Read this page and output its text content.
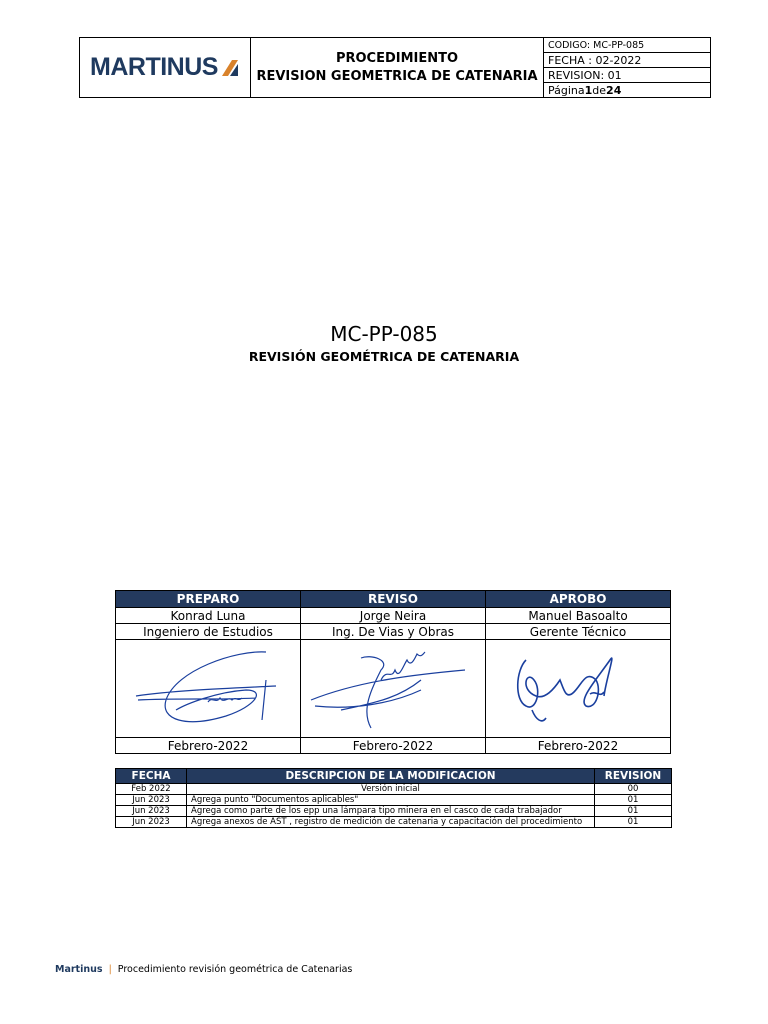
MARTINUS	PROCEDIMIENTO
REVISION GEOMETRICA DE CATENARIA
CODIGO: MC-PP-085
FECHA : 02-2022
REVISION: 01
Página 1 de 24
MC-PP-085
REVISIÓN GEOMÉTRICA DE CATENARIA
PREPARO	REVISO	APROBO
Konrad Luna	Jorge Neira	Manuel Basoalto
Ingeniero de Estudios	Ing. De Vias y Obras	Gerente Técnico

Febrero-2022	Febrero-2022	Febrero-2022
FECHA	DESCRIPCION DE LA MODIFICACION	REVISION
Feb 2022	Versión inicial	00
Jun 2023	Agrega punto "Documentos aplicables"	01
Jun 2023	Agrega como parte de los epp una lámpara tipo minera en el casco de cada trabajador	01
Jun 2023	Agrega anexos de AST , registro de medición de catenaria y capacitación del procedimiento	01
Martinus | Procedimiento revisión geométrica de Catenarias
